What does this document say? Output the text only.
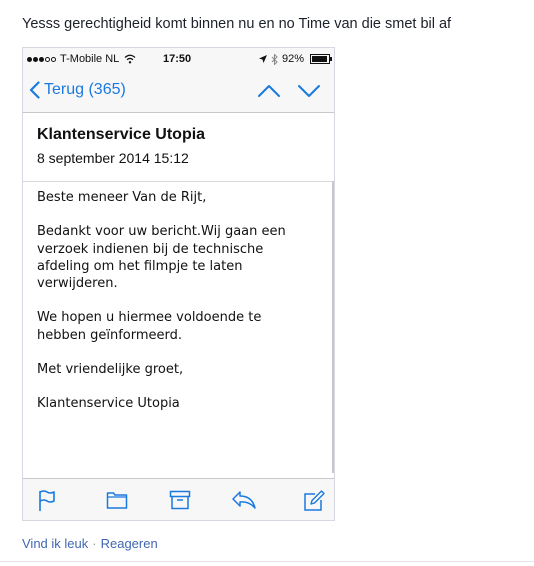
Yesss gerechtigheid komt binnen nu en no Time van die smet bil af
T-Mobile NL	17:50	92%
Terug (365)
Klantenservice Utopia
8 september 2014 15:12

Beste meneer Van de Rijt,

Bedankt voor uw bericht.Wij gaan een
verzoek indienen bij de technische
afdeling om het filmpje te laten
verwijderen.

We hopen u hiermee voldoende te
hebben geïnformeerd.

Met vriendelijke groet,

Klantenservice Utopia

Vind ik leuk · Reageren
